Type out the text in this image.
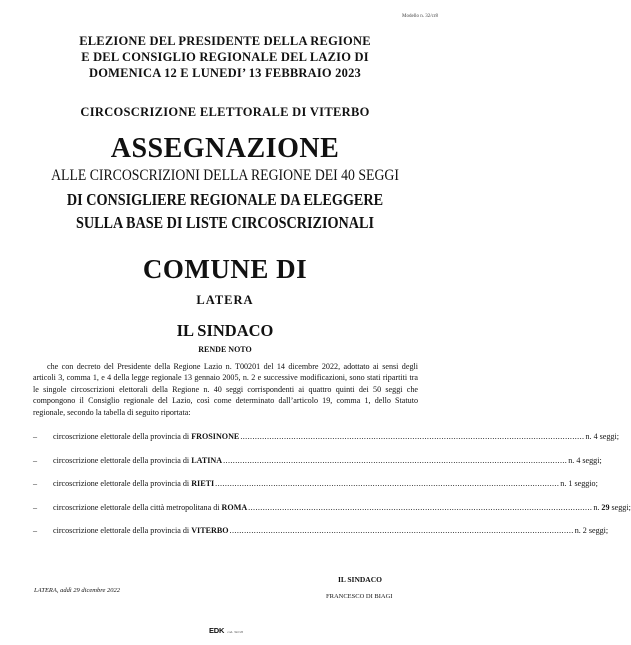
Modello n. 32/cr8
ELEZIONE DEL PRESIDENTE DELLA REGIONE
E DEL CONSIGLIO REGIONALE DEL LAZIO DI
DOMENICA 12 E LUNEDI’ 13 FEBBRAIO 2023
CIRCOSCRIZIONE ELETTORALE DI VITERBO
ASSEGNAZIONE
ALLE CIRCOSCRIZIONI DELLA REGIONE DEI 40 SEGGI
DI CONSIGLIERE REGIONALE DA ELEGGERE
SULLA BASE DI LISTE CIRCOSCRIZIONALI
COMUNE DI
LATERA
IL SINDACO
RENDE NOTO

che con decreto del Presidente della Regione Lazio n. T00201 del 14 dicembre 2022, adottato ai sensi degli articoli 3, comma 1, e 4 della legge regionale 13 gennaio 2005, n. 2 e successive modificazioni, sono stati ripartiti tra le singole circoscrizioni elettorali della Regione n. 40 seggi corrispondenti ai quattro quinti dei 50 seggi che compongono il Consiglio regionale del Lazio, così come determinato dall’articolo 19, comma 1, dello Statuto regionale, secondo la tabella di seguito riportata:

–	circoscrizione elettorale della provincia di FROSINONE .............................................................................................................................................. n. 4 seggi;
–	circoscrizione elettorale della provincia di LATINA .............................................................................................................................................. n. 4 seggi;
–	circoscrizione elettorale della provincia di RIETI .............................................................................................................................................. n. 1 seggio;
–	circoscrizione elettorale della città metropolitana di ROMA .............................................................................................................................................. n. 29 seggi;
–	circoscrizione elettorale della provincia di VITERBO .............................................................................................................................................. n. 2 seggi;
LATERA, addì 29 dicembre 2022
IL SINDACO
FRANCESCO DI BIAGI
EDK cod. 32/cr8
